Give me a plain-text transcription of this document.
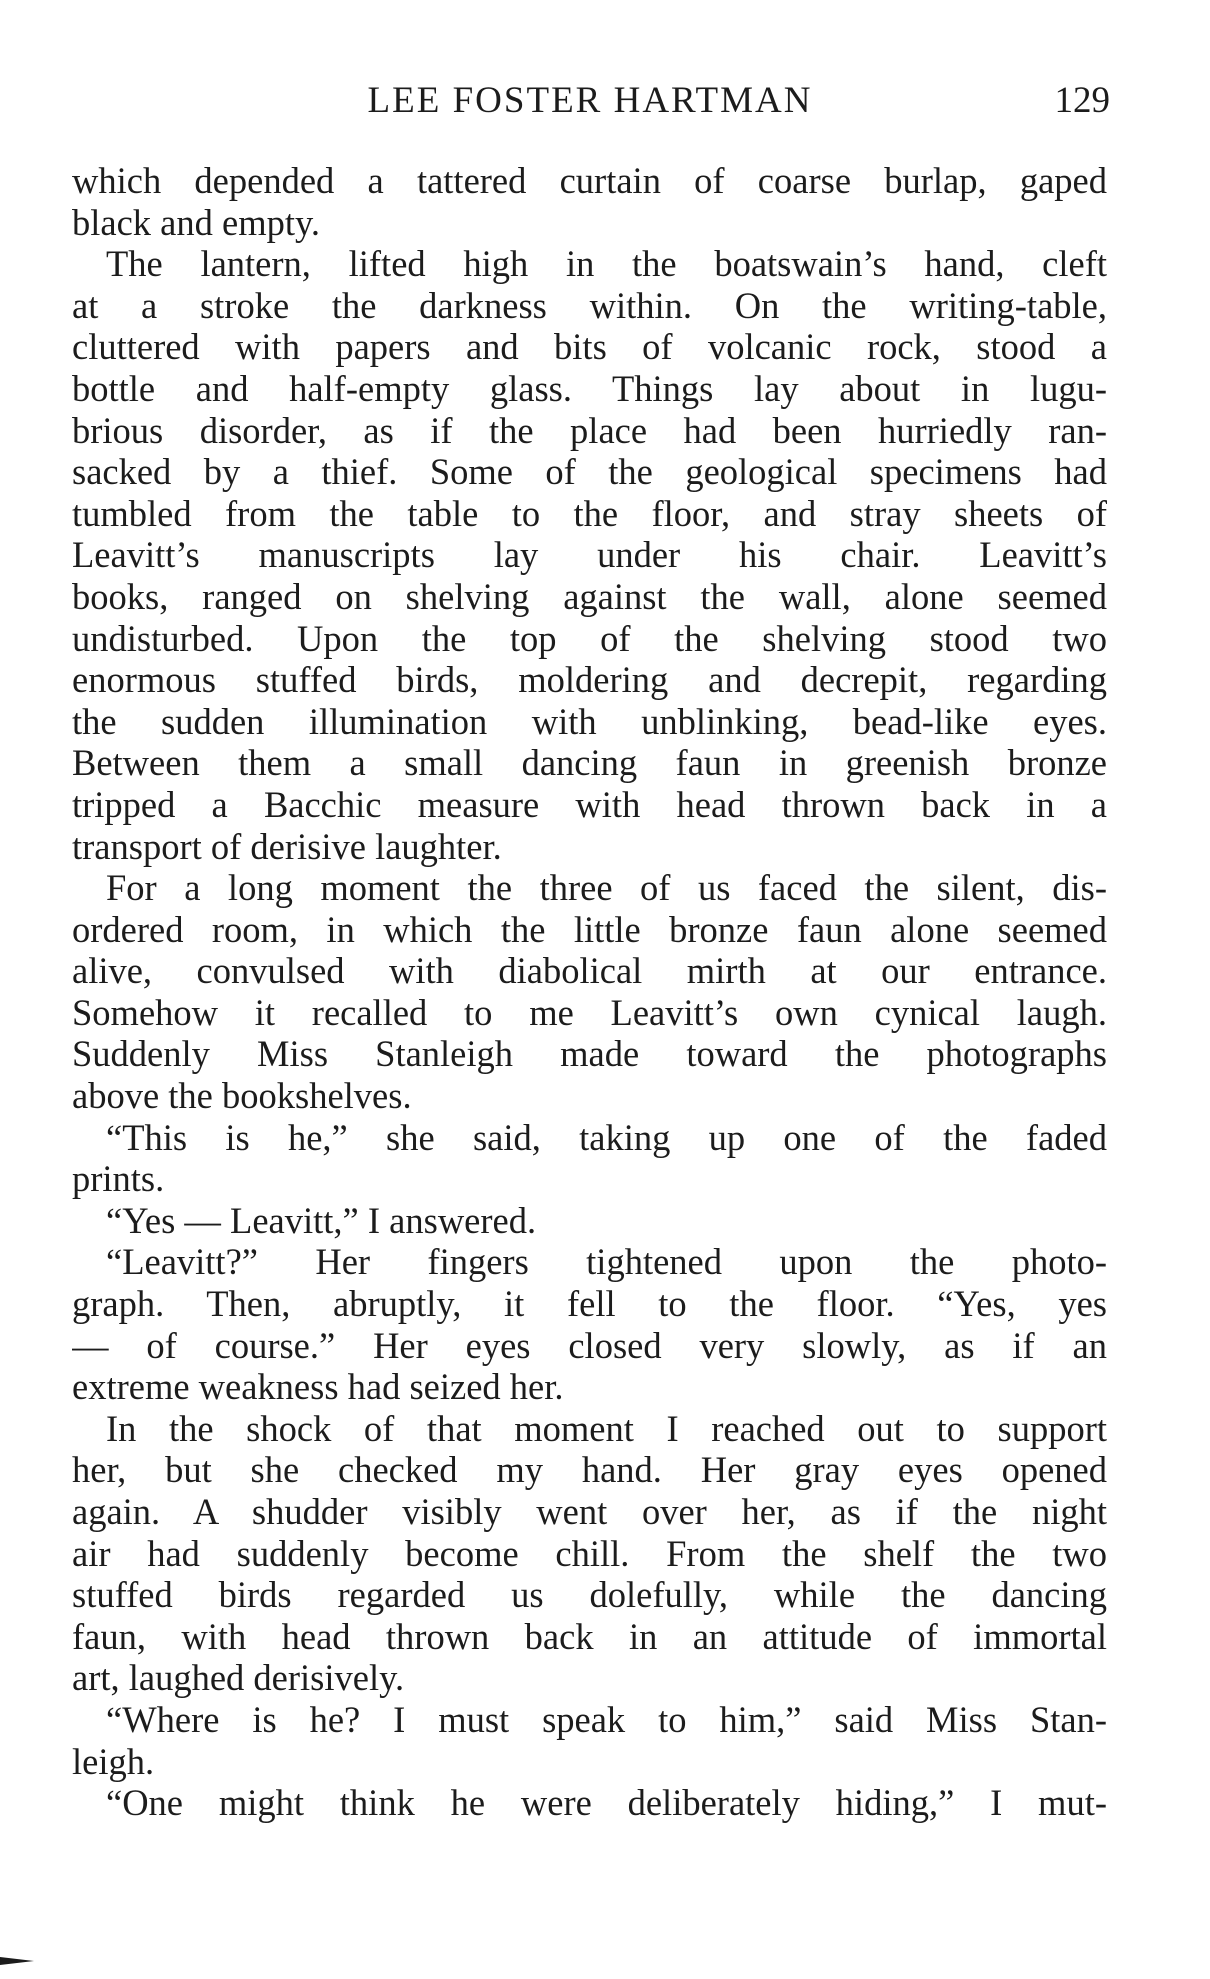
LEE FOSTER HARTMAN	129
which depended a tattered curtain of coarse burlap, gaped
black and empty.
The lantern, lifted high in the boatswain’s hand, cleft
at a stroke the darkness within. On the writing-table,
cluttered with papers and bits of volcanic rock, stood a
bottle and half-empty glass. Things lay about in lugu-
brious disorder, as if the place had been hurriedly ran-
sacked by a thief. Some of the geological specimens had
tumbled from the table to the floor, and stray sheets of
Leavitt’s manuscripts lay under his chair. Leavitt’s
books, ranged on shelving against the wall, alone seemed
undisturbed. Upon the top of the shelving stood two
enormous stuffed birds, moldering and decrepit, regarding
the sudden illumination with unblinking, bead-like eyes.
Between them a small dancing faun in greenish bronze
tripped a Bacchic measure with head thrown back in a
transport of derisive laughter.
For a long moment the three of us faced the silent, dis-
ordered room, in which the little bronze faun alone seemed
alive, convulsed with diabolical mirth at our entrance.
Somehow it recalled to me Leavitt’s own cynical laugh.
Suddenly Miss Stanleigh made toward the photographs
above the bookshelves.
“This is he,” she said, taking up one of the faded
prints.
“Yes — Leavitt,” I answered.
“Leavitt?” Her fingers tightened upon the photo-
graph. Then, abruptly, it fell to the floor. “Yes, yes
— of course.” Her eyes closed very slowly, as if an
extreme weakness had seized her.
In the shock of that moment I reached out to support
her, but she checked my hand. Her gray eyes opened
again. A shudder visibly went over her, as if the night
air had suddenly become chill. From the shelf the two
stuffed birds regarded us dolefully, while the dancing
faun, with head thrown back in an attitude of immortal
art, laughed derisively.
“Where is he? I must speak to him,” said Miss Stan-
leigh.
“One might think he were deliberately hiding,” I mut-
